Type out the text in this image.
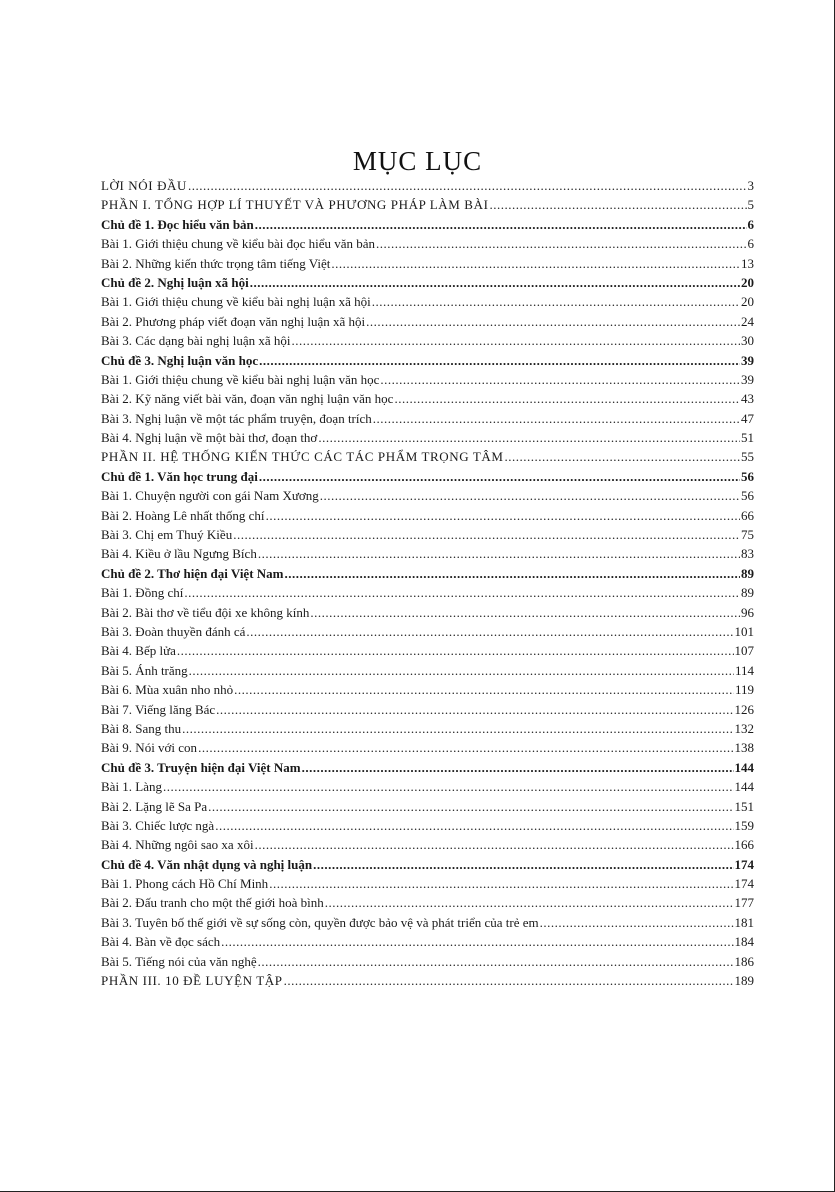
MỤC LỤC
LỜI NÓI ĐẦU .....	3
PHẦN I. TỔNG HỢP LÍ THUYẾT VÀ PHƯƠNG PHÁP LÀM BÀI .....	5
Chủ đề 1. Đọc hiểu văn bản .....	6
Bài 1. Giới thiệu chung về kiểu bài đọc hiểu văn bản .....	6
Bài 2. Những kiến thức trọng tâm tiếng Việt .....	13
Chủ đề 2. Nghị luận xã hội .....	20
Bài 1. Giới thiệu chung về kiểu bài nghị luận xã hội .....	20
Bài 2. Phương pháp viết đoạn văn nghị luận xã hội .....	24
Bài 3. Các dạng bài nghị luận xã hội .....	30
Chủ đề 3. Nghị luận văn học .....	39
Bài 1. Giới thiệu chung về kiểu bài nghị luận văn học .....	39
Bài 2. Kỹ năng viết bài văn, đoạn văn nghị luận văn học .....	43
Bài 3. Nghị luận về một tác phẩm truyện, đoạn trích .....	47
Bài 4. Nghị luận về một bài thơ, đoạn thơ .....	51
PHẦN II. HỆ THỐNG KIẾN THỨC CÁC TÁC PHẨM TRỌNG TÂM .....	55
Chủ đề 1. Văn học trung đại .....	56
Bài 1. Chuyện người con gái Nam Xương .....	56
Bài 2. Hoàng Lê nhất thống chí .....	66
Bài 3. Chị em Thuý Kiều .....	75
Bài 4. Kiều ở lầu Ngưng Bích .....	83
Chủ đề 2. Thơ hiện đại Việt Nam .....	89
Bài 1. Đồng chí .....	89
Bài 2. Bài thơ về tiểu đội xe không kính .....	96
Bài 3. Đoàn thuyền đánh cá .....	101
Bài 4. Bếp lửa .....	107
Bài 5. Ánh trăng .....	114
Bài 6. Mùa xuân nho nhỏ .....	119
Bài 7. Viếng lăng Bác .....	126
Bài 8. Sang thu .....	132
Bài 9. Nói với con .....	138
Chủ đề 3. Truyện hiện đại Việt Nam .....	144
Bài 1. Làng .....	144
Bài 2. Lặng lẽ Sa Pa .....	151
Bài 3. Chiếc lược ngà .....	159
Bài 4. Những ngôi sao xa xôi .....	166
Chủ đề 4. Văn nhật dụng và nghị luận .....	174
Bài 1. Phong cách Hồ Chí Minh .....	174
Bài 2. Đấu tranh cho một thế giới hoà bình .....	177
Bài 3. Tuyên bố thế giới về sự sống còn, quyền được bảo vệ và phát triển của trẻ em .....	181
Bài 4. Bàn về đọc sách .....	184
Bài 5. Tiếng nói của văn nghệ .....	186
PHẦN III. 10 ĐỀ LUYỆN TẬP .....	189
